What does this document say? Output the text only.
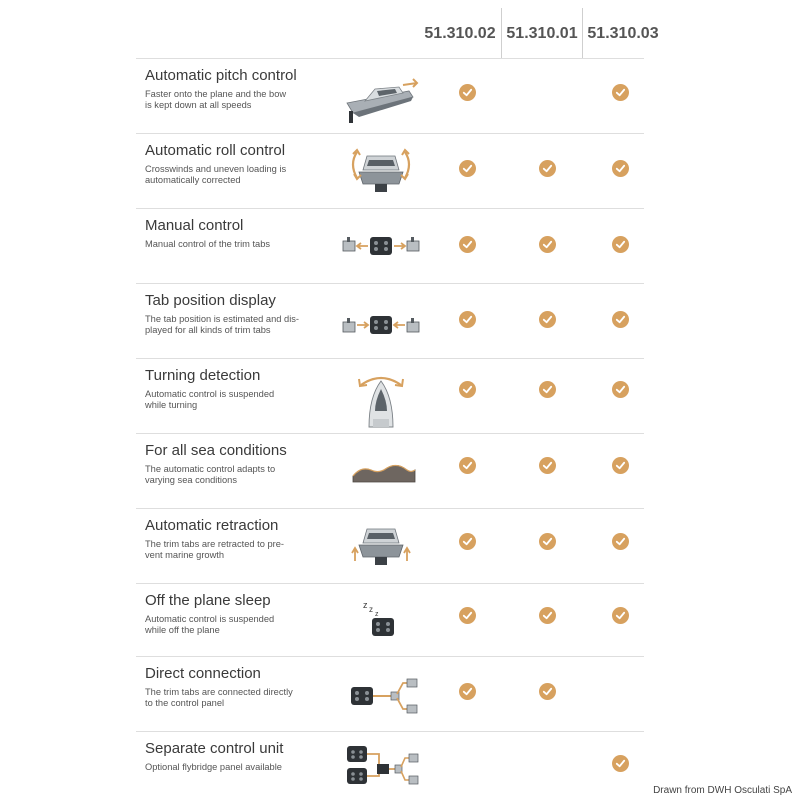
51.310.02 51.310.01 51.310.03
Automatic pitch control
Faster onto the plane and the bow
is kept down at all speeds
Automatic roll control
Crosswinds and uneven loading is
automatically corrected
Manual control
Manual control of the trim tabs
Tab position display
The tab position is estimated and dis-
played for all kinds of trim tabs
Turning detection
Automatic control is suspended
while turning
For all sea conditions
The automatic control adapts to
varying sea conditions
Automatic retraction
The trim tabs are retracted to pre-
vent marine growth
Off the plane sleep
Automatic control is suspended
while off the plane
z z
z
Direct connection
The trim tabs are connected directly
to the control panel
Separate control unit
Optional flybridge panel available
Drawn from DWH Osculati SpA
